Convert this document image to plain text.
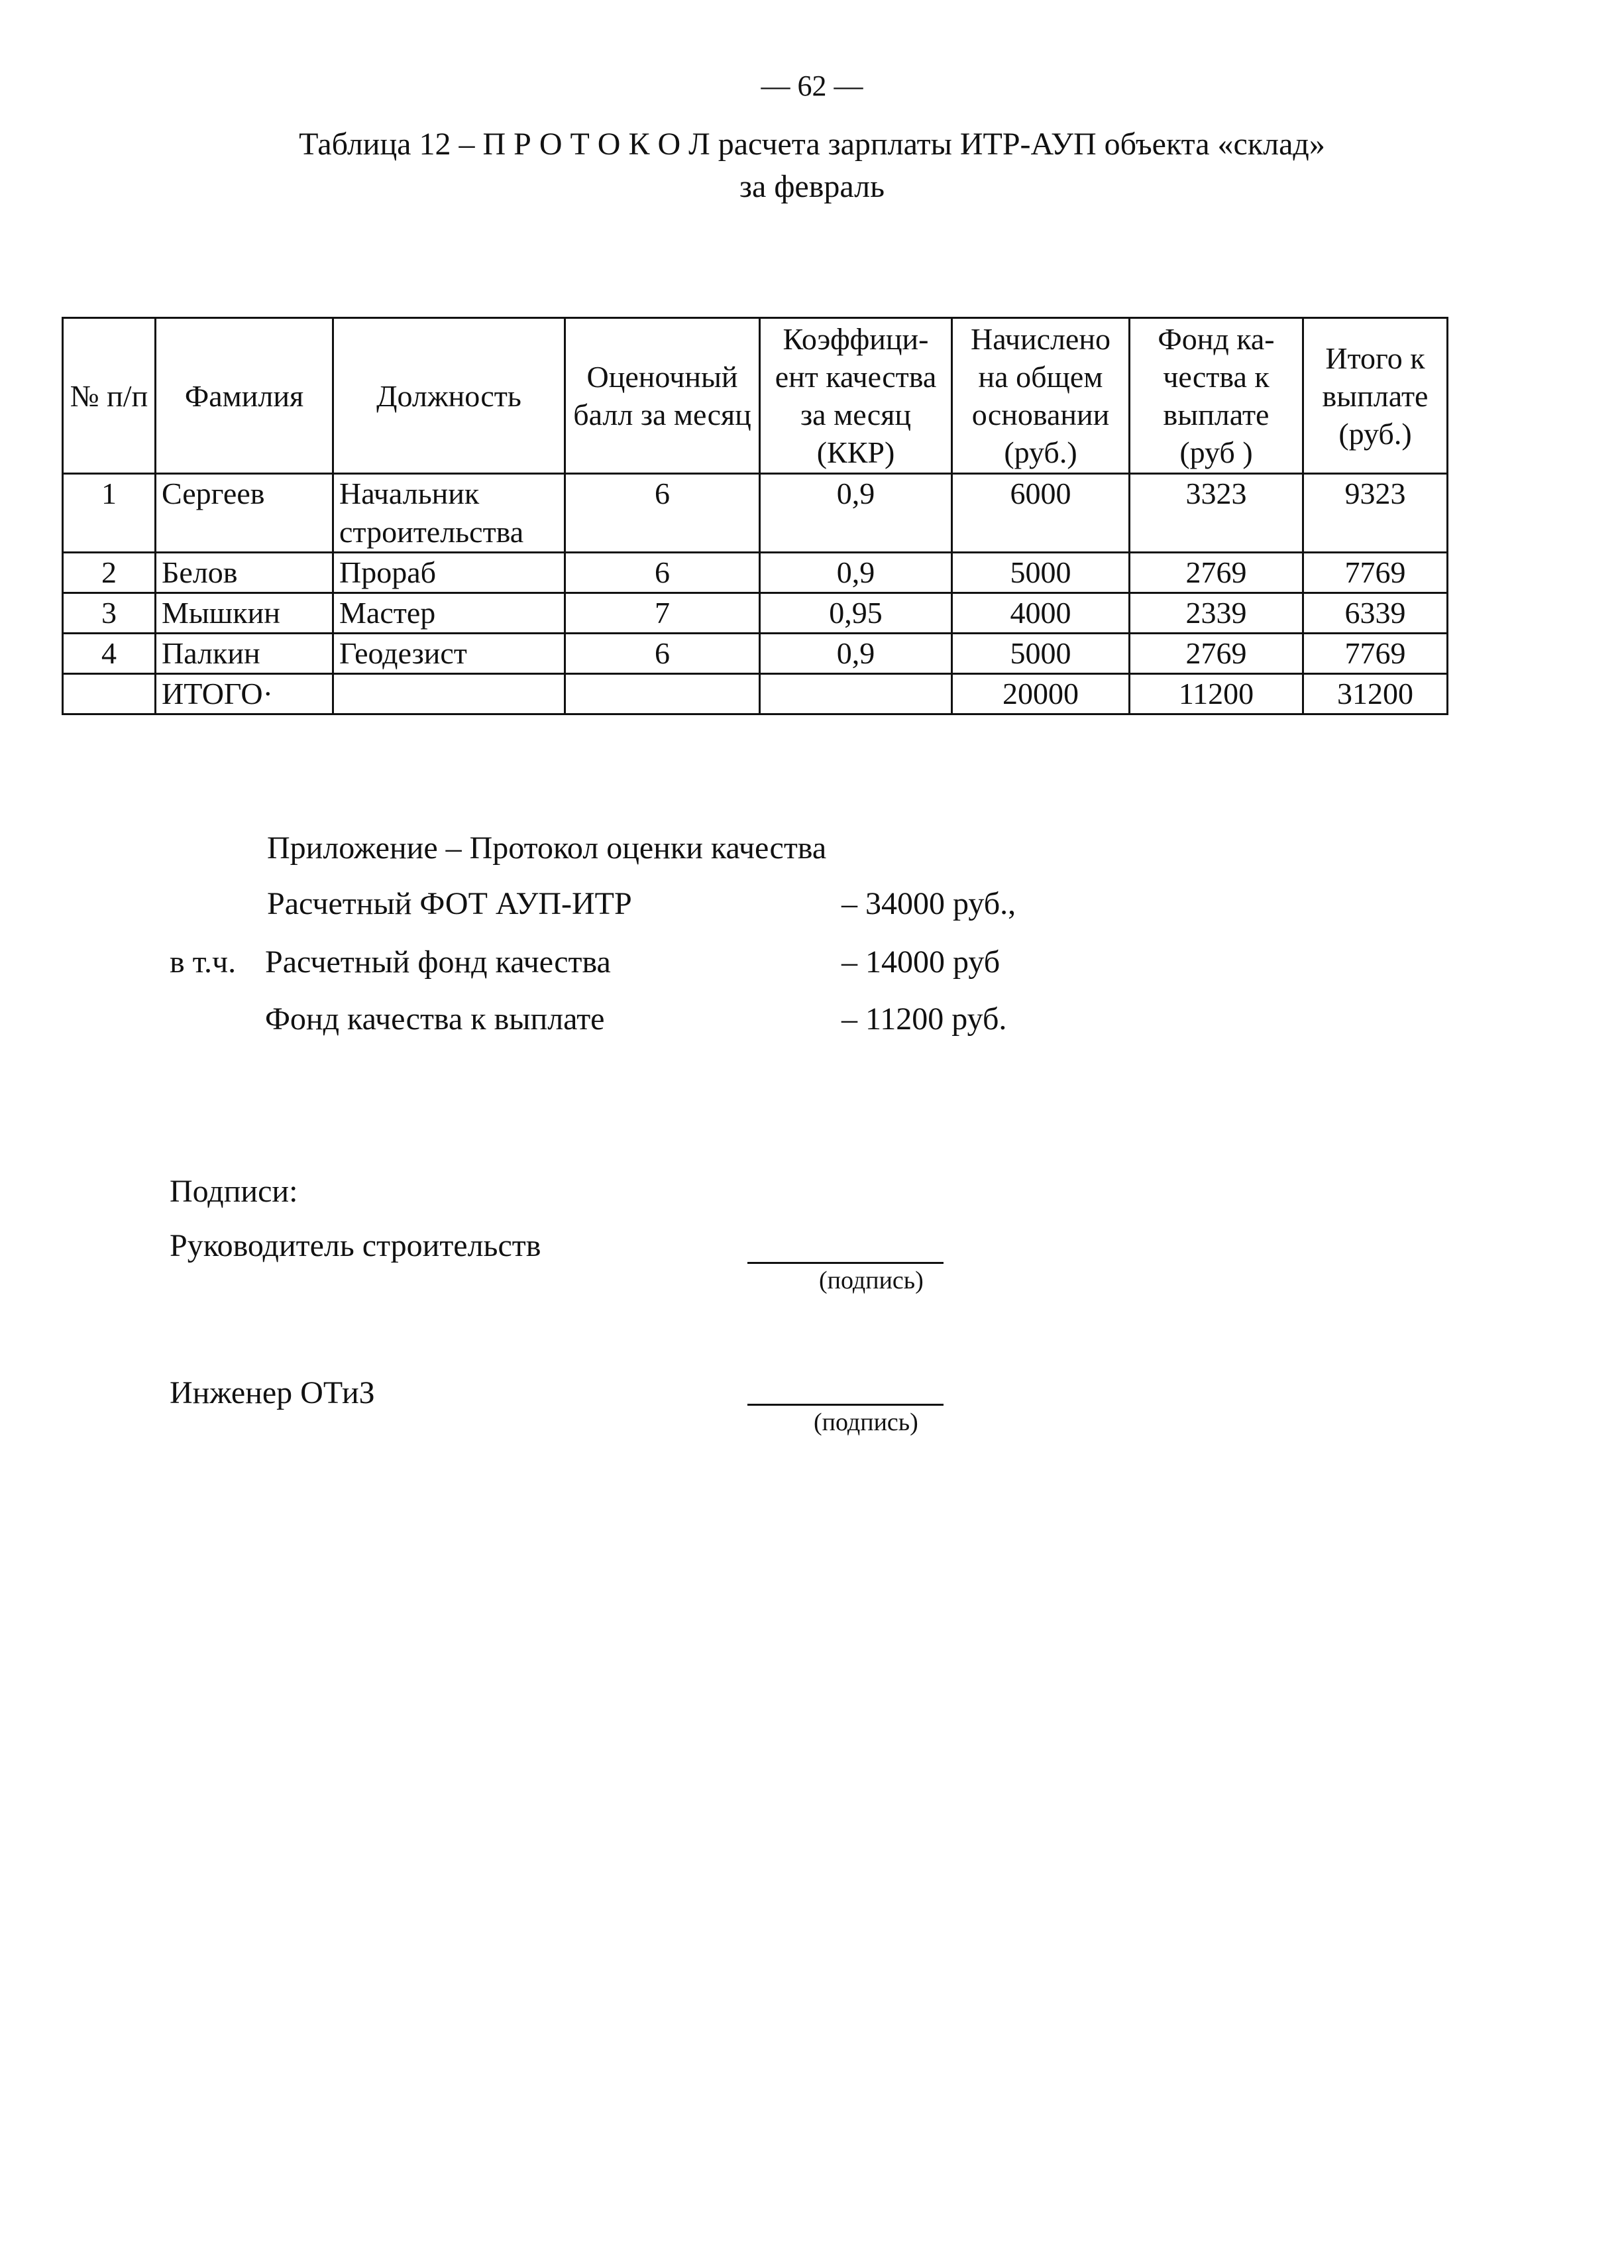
— 62 —
Таблица 12 – П Р О Т О К О Л расчета зарплаты ИТР-АУП объекта «склад»
за февраль
№ п/п	Фамилия	Должность	Оценочный балл за месяц	Коэффици-ент качества за месяц (ККР)	Начислено на общем основании (руб.)	Фонд ка-чества к выплате (руб )	Итого к выплате (руб.)
1	Сергеев	Начальник строительства	6	0,9	6000	3323	9323
2	Белов	Прораб	6	0,9	5000	2769	7769
3	Мышкин	Мастер	7	0,95	4000	2339	6339
4	Палкин	Геодезист	6	0,9	5000	2769	7769
	ИТОГО·				20000	11200	31200
Приложение – Протокол оценки качества
Расчетный ФОТ АУП-ИТР	– 34000 руб.,
в т.ч. Расчетный фонд качества	– 14000 руб
Фонд качества к выплате	– 11200 руб.
Подписи:
Руководитель строительств
(подпись)
Инженер ОТиЗ
(подпись)
